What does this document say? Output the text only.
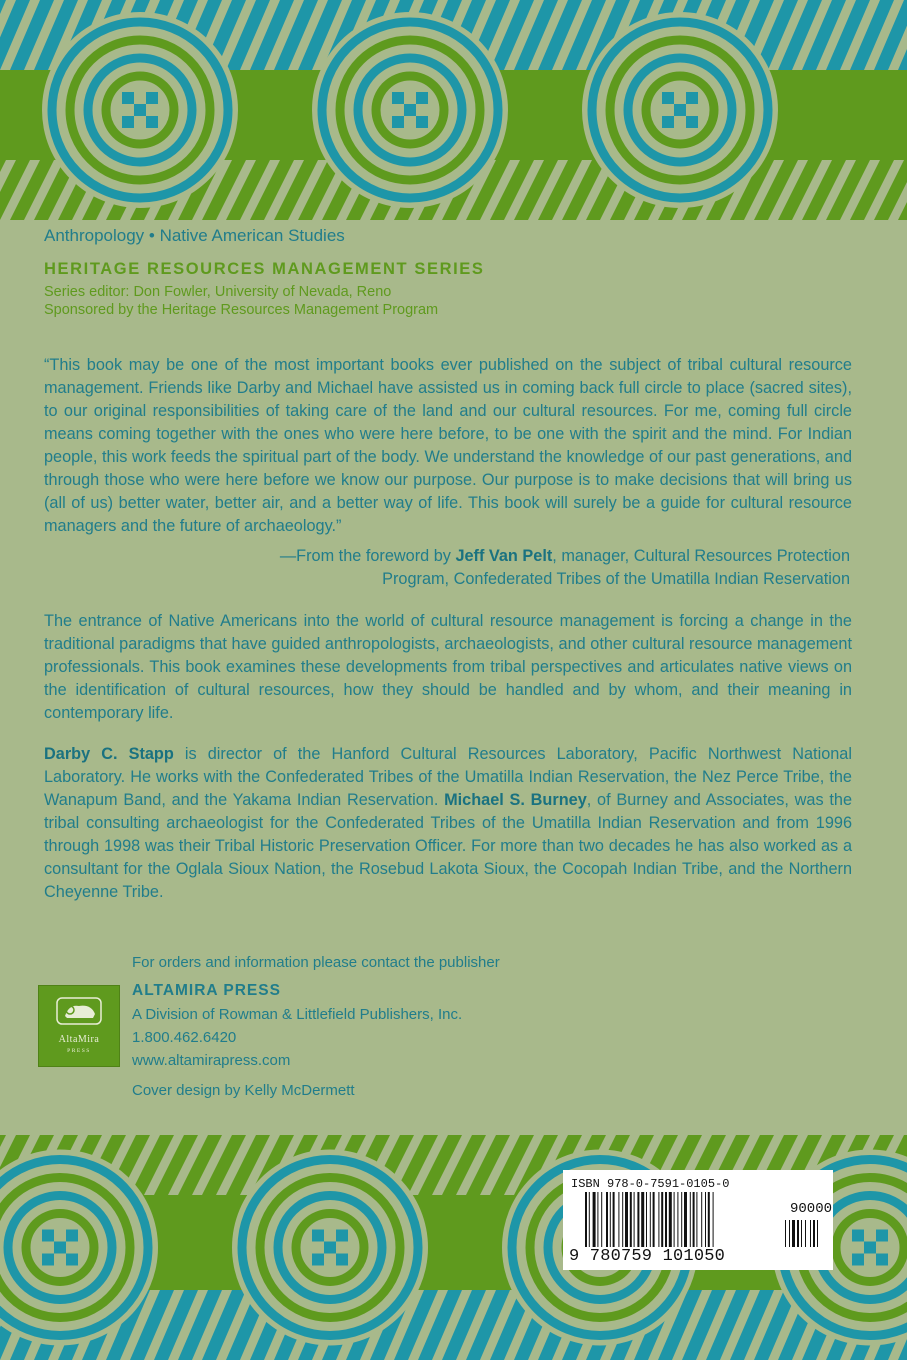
Anthropology • Native American Studies
HERITAGE RESOURCES MANAGEMENT SERIES
Series editor: Don Fowler, University of Nevada, Reno
Sponsored by the Heritage Resources Management Program
“This book may be one of the most important books ever published on the subject of tribal cultural resource management. Friends like Darby and Michael have assisted us in coming back full circle to place (sacred sites), to our original responsibilities of taking care of the land and our cultural resources. For me, coming full circle means coming together with the ones who were here before, to be one with the spirit and the mind. For Indian people, this work feeds the spiritual part of the body. We understand the knowledge of our past generations, and through those who were here before we know our purpose. Our purpose is to make decisions that will bring us (all of us) better water, better air, and a better way of life. This book will surely be a guide for cultural resource managers and the future of archaeology.”
—From the foreword by Jeff Van Pelt, manager, Cultural Resources Protection
Program, Confederated Tribes of the Umatilla Indian Reservation
The entrance of Native Americans into the world of cultural resource management is forcing a change in the traditional paradigms that have guided anthropologists, archaeologists, and other cultural resource management professionals. This book examines these developments from tribal perspectives and articulates native views on the identification of cultural resources, how they should be handled and by whom, and their meaning in contemporary life.
Darby C. Stapp is director of the Hanford Cultural Resources Laboratory, Pacific Northwest National Laboratory. He works with the Confederated Tribes of the Umatilla Indian Reservation, the Nez Perce Tribe, the Wanapum Band, and the Yakama Indian Reservation. Michael S. Burney, of Burney and Associates, was the tribal consulting archaeologist for the Confederated Tribes of the Umatilla Indian Reservation and from 1996 through 1998 was their Tribal Historic Preservation Officer. For more than two decades he has also worked as a consultant for the Oglala Sioux Nation, the Rosebud Lakota Sioux, the Cocopah Indian Tribe, and the Northern Cheyenne Tribe.
For orders and information please contact the publisher
ALTAMIRA PRESS
A Division of Rowman & Littlefield Publishers, Inc.
1.800.462.6420
www.altamirapress.com
Cover design by Kelly McDermett
AltaMira
PRESS
ISBN 978-0-7591-0105-0
90000
9 780759 101050
